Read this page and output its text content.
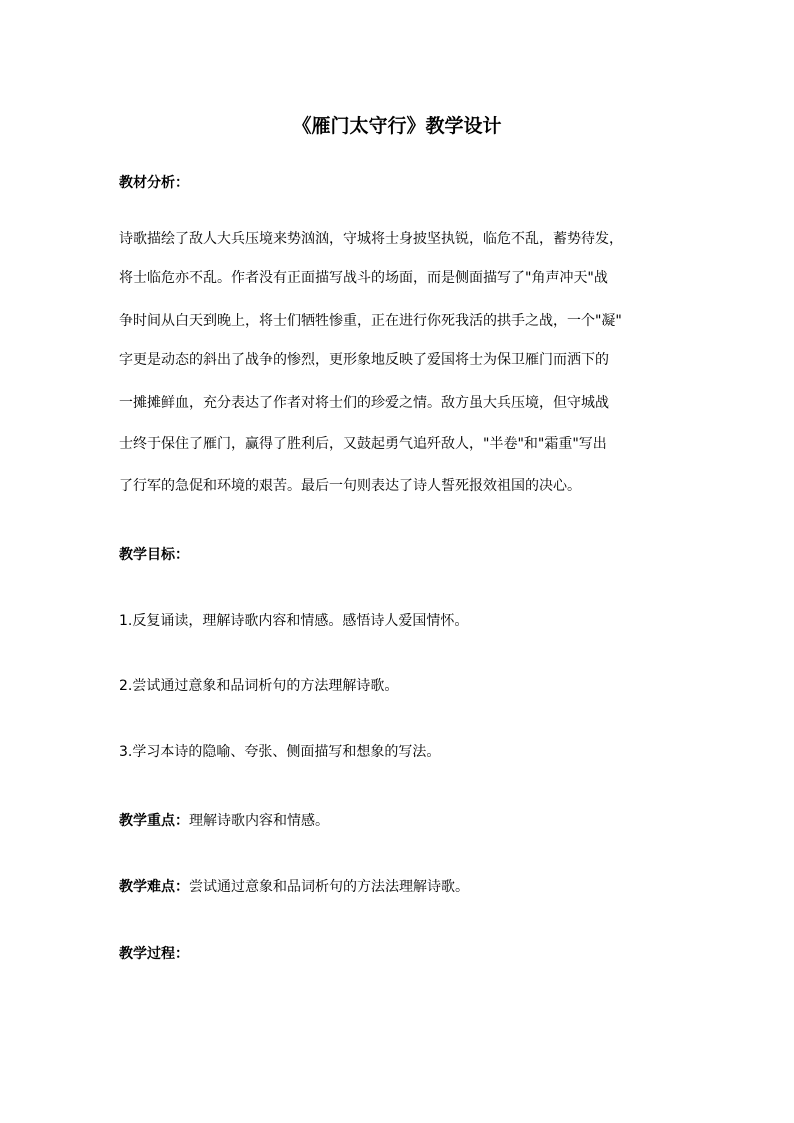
《雁门太守行》教学设计
教材分析：
诗歌描绘了敌人大兵压境来势汹汹，守城将士身披坚执锐，临危不乱，蓄势待发，
将士临危亦不乱。作者没有正面描写战斗的场面，而是侧面描写了"角声冲天"战
争时间从白天到晚上，将士们牺牲惨重，正在进行你死我活的拱手之战，一个"凝"
字更是动态的斜出了战争的惨烈，更形象地反映了爱国将士为保卫雁门而洒下的
一摊摊鲜血，充分表达了作者对将士们的珍爱之情。敌方虽大兵压境，但守城战
士终于保住了雁门，赢得了胜利后，又鼓起勇气追歼敌人，"半卷"和"霜重"写出
了行军的急促和环境的艰苦。最后一句则表达了诗人誓死报效祖国的决心。
教学目标：
1.反复诵读，理解诗歌内容和情感。感悟诗人爱国情怀。
2.尝试通过意象和品词析句的方法理解诗歌。
3.学习本诗的隐喻、夸张、侧面描写和想象的写法。
教学重点：理解诗歌内容和情感。
教学难点：尝试通过意象和品词析句的方法法理解诗歌。
教学过程：
